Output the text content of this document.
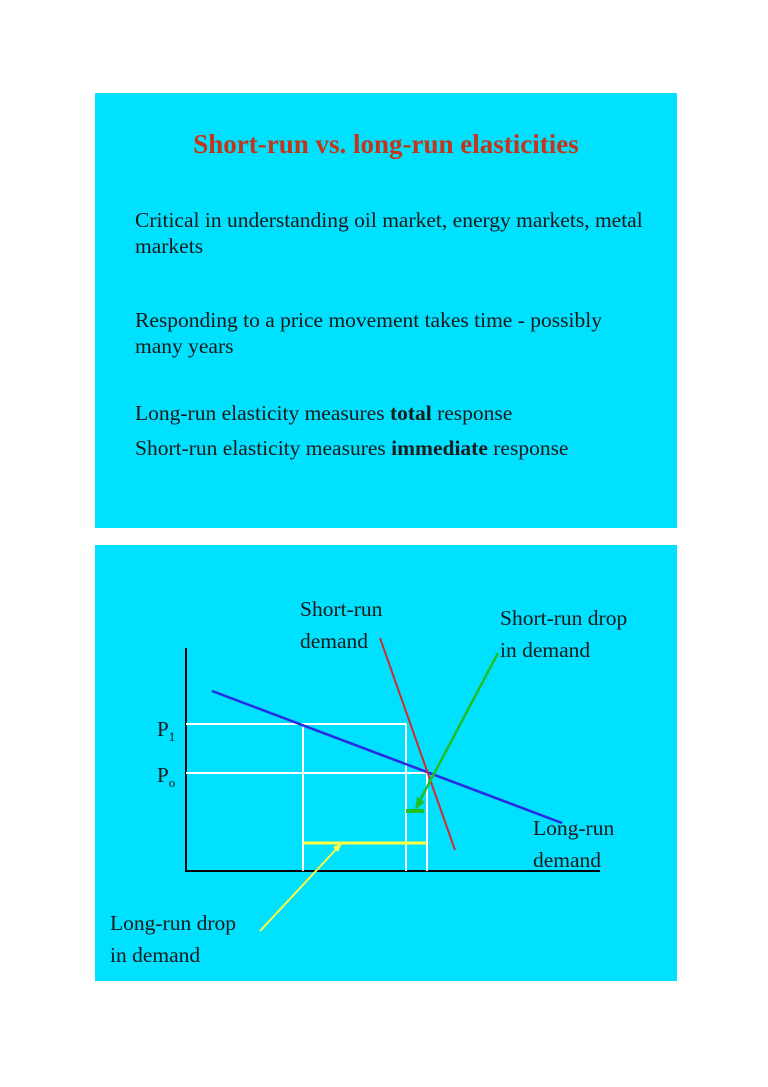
Short-run vs. long-run elasticities

Critical in understanding oil market, energy markets, metal markets

Responding to a price movement takes time - possibly many years

Long-run elasticity measures total response

Short-run elasticity measures immediate response

Short-run
demand
Short-run drop
in demand
Long-run
demand
Long-run drop
in demand
$P_1$
$P_o$
